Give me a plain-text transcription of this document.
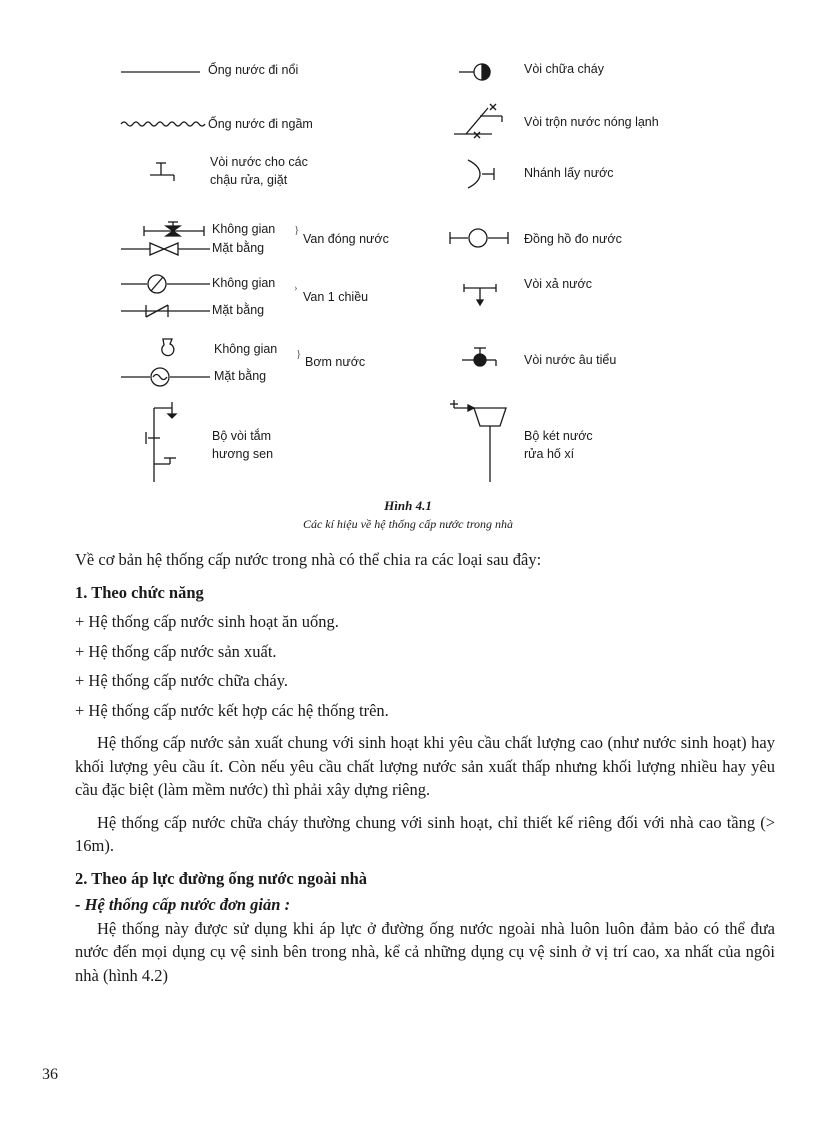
Ống nước đi nổi
Ống nước đi ngầm
Vòi nước cho các
chậu rửa, giặt
Không gian
Mặt bằng
}
Van đóng nước
Không gian
Mặt bằng
›
Van 1 chiều
Không gian
Mặt bằng
}
Bơm nước
Bộ vòi tắm
hương sen
Vòi chữa cháy
Vòi trộn nước nóng lạnh
Nhánh lấy nước
Đồng hồ đo nước
Vòi xả nước
Vòi nước âu tiểu
Bộ két nước
rửa hố xí
Hình 4.1
Các kí hiệu về hệ thống cấp nước trong nhà

Về cơ bản hệ thống cấp nước trong nhà có thể chia ra các loại sau đây:

1. Theo chức năng

+ Hệ thống cấp nước sinh hoạt ăn uống.

+ Hệ thống cấp nước sản xuất.

+ Hệ thống cấp nước chữa cháy.

+ Hệ thống cấp nước kết hợp các hệ thống trên.

Hệ thống cấp nước sản xuất chung với sinh hoạt khi yêu cầu chất lượng cao (như nước sinh hoạt) hay khối lượng yêu cầu ít. Còn nếu yêu cầu chất lượng nước sản xuất thấp nhưng khối lượng nhiều hay yêu cầu đặc biệt (làm mềm nước) thì phải xây dựng riêng.

Hệ thống cấp nước chữa cháy thường chung với sinh hoạt, chỉ thiết kế riêng đối với nhà cao tầng (> 16m).

2. Theo áp lực đường ống nước ngoài nhà

- Hệ thống cấp nước đơn giản :

Hệ thống này được sử dụng khi áp lực ở đường ống nước ngoài nhà luôn luôn đảm bảo có thể đưa nước đến mọi dụng cụ vệ sinh bên trong nhà, kể cả những dụng cụ vệ sinh ở vị trí cao, xa nhất của ngôi nhà (hình 4.2)

36
